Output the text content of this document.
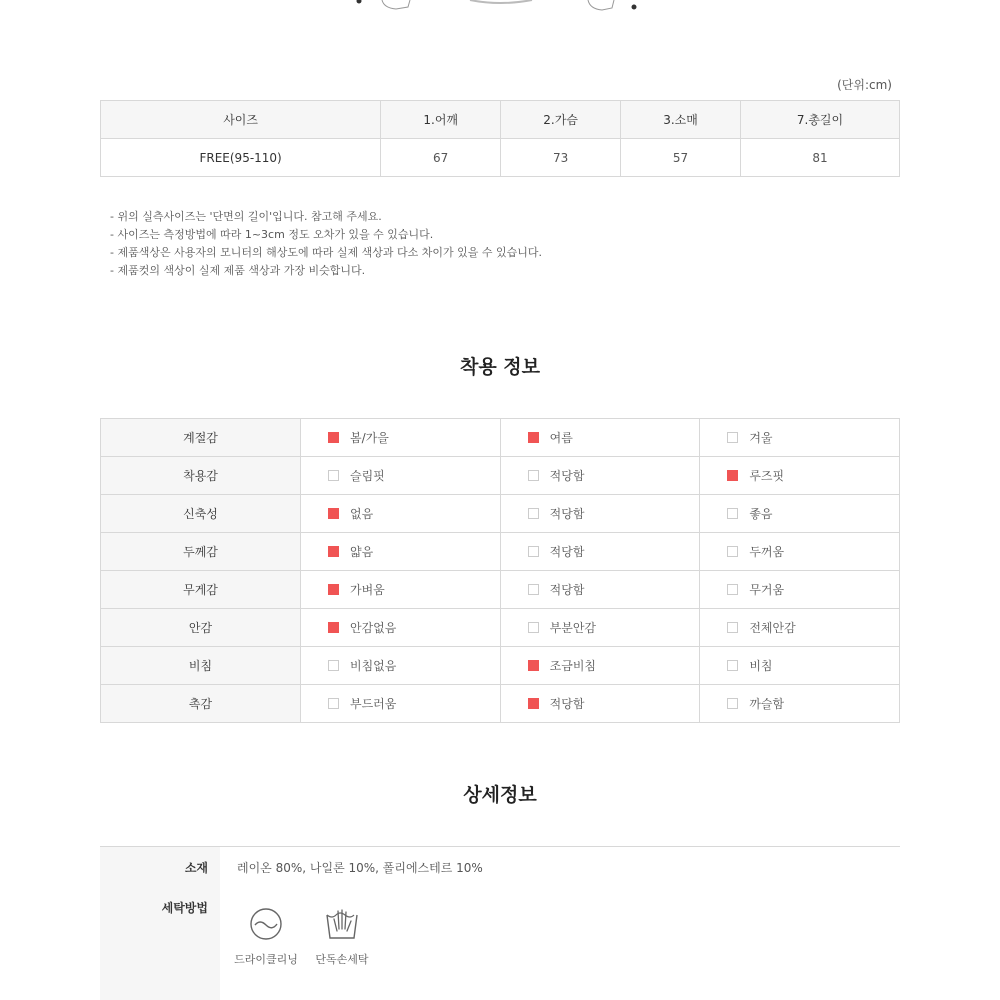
(단위:cm)
사이즈	1.어깨	2.가슴	3.소매	7.총길이
FREE(95-110)	67	73	57	81
- 위의 실측사이즈는 '단면의 길이'입니다. 참고해 주세요.
- 사이즈는 측정방법에 따라 1~3cm 정도 오차가 있을 수 있습니다.
- 제품색상은 사용자의 모니터의 해상도에 따라 실제 색상과 다소 차이가 있을 수 있습니다.
- 제품컷의 색상이 실제 제품 색상과 가장 비슷합니다.
착용 정보
계절감	봄/가을	여름	겨울
착용감	슬림핏	적당함	루즈핏
신축성	없음	적당함	좋음
두께감	얇음	적당함	두꺼움
무게감	가벼움	적당함	무거움
안감	안감없음	부분안감	전체안감
비침	비침없음	조금비침	비침
촉감	부드러움	적당함	까슬함
상세정보
소재 레이온 80%, 나일론 10%, 폴리에스테르 10%
세탁방법
드라이클리닝	단독손세탁
